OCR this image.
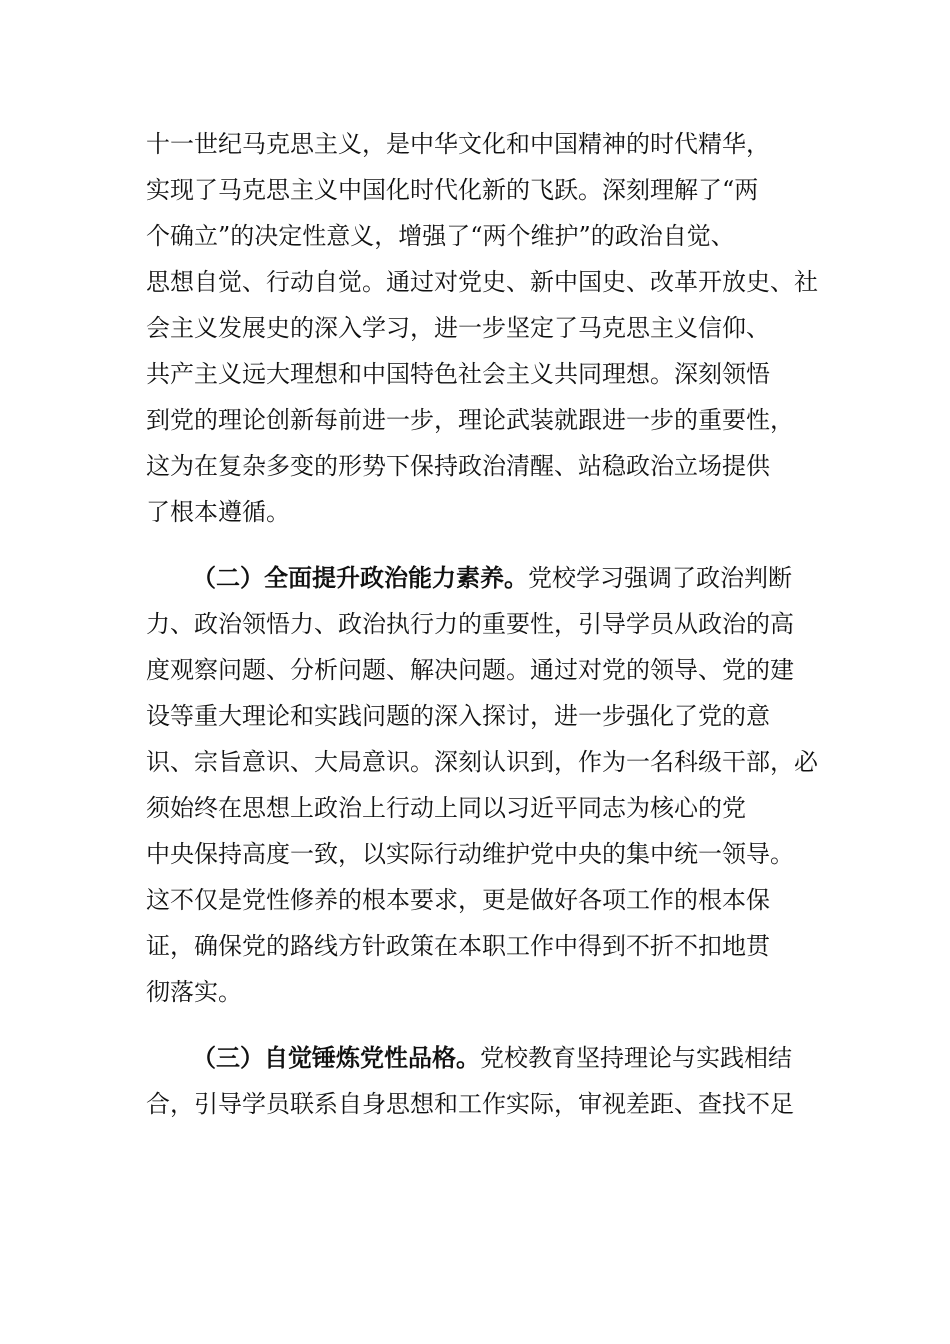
十一世纪马克思主义，是中华文化和中国精神的时代精华，
实现了马克思主义中国化时代化新的飞跃。深刻理解了“两
个确立”的决定性意义，增强了“两个维护”的政治自觉、
思想自觉、行动自觉。通过对党史、新中国史、改革开放史、社
会主义发展史的深入学习，进一步坚定了马克思主义信仰、
共产主义远大理想和中国特色社会主义共同理想。深刻领悟
到党的理论创新每前进一步，理论武装就跟进一步的重要性，
这为在复杂多变的形势下保持政治清醒、站稳政治立场提供
了根本遵循。
（二）全面提升政治能力素养。党校学习强调了政治判断
力、政治领悟力、政治执行力的重要性，引导学员从政治的高
度观察问题、分析问题、解决问题。通过对党的领导、党的建
设等重大理论和实践问题的深入探讨，进一步强化了党的意
识、宗旨意识、大局意识。深刻认识到，作为一名科级干部，必
须始终在思想上政治上行动上同以习近平同志为核心的党
中央保持高度一致，以实际行动维护党中央的集中统一领导。
这不仅是党性修养的根本要求，更是做好各项工作的根本保
证，确保党的路线方针政策在本职工作中得到不折不扣地贯
彻落实。
（三）自觉锤炼党性品格。党校教育坚持理论与实践相结
合，引导学员联系自身思想和工作实际，审视差距、查找不足
